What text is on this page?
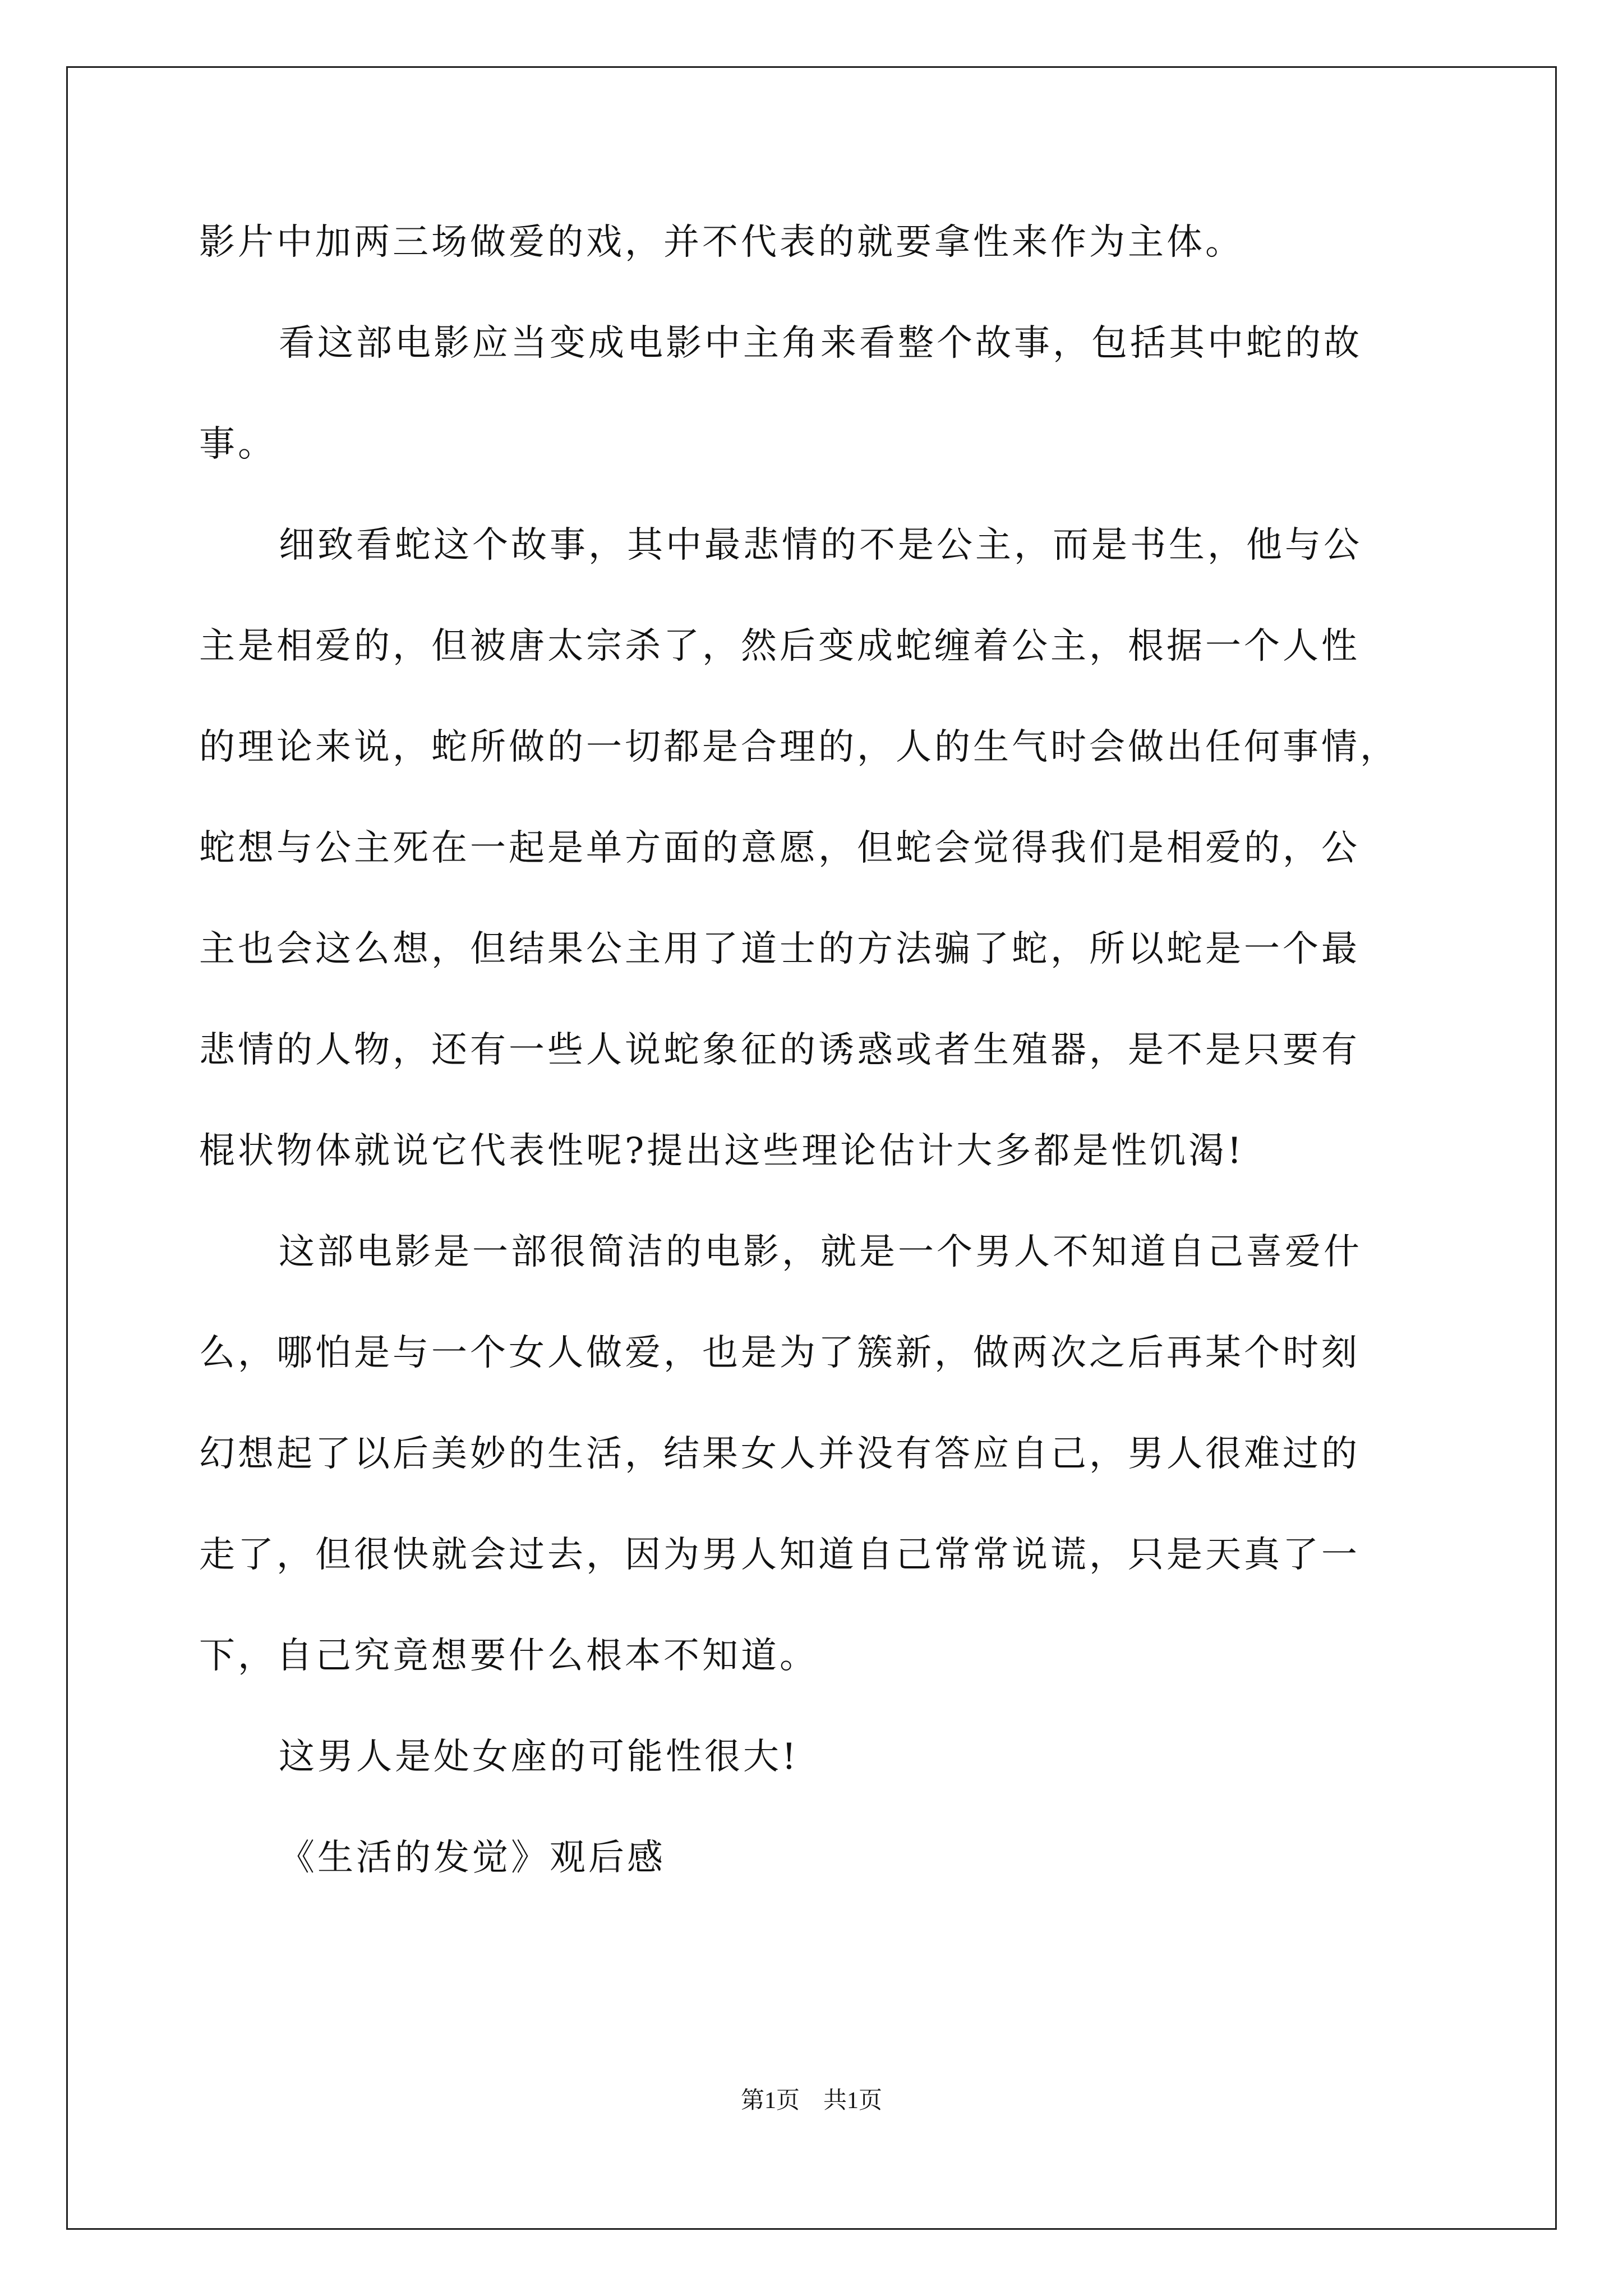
影片中加两三场做爱的戏，并不代表的就要拿性来作为主体。
看这部电影应当变成电影中主角来看整个故事，包括其中蛇的故
事。
细致看蛇这个故事，其中最悲情的不是公主，而是书生，他与公
主是相爱的，但被唐太宗杀了，然后变成蛇缠着公主，根据一个人性
的理论来说，蛇所做的一切都是合理的，人的生气时会做出任何事情，
蛇想与公主死在一起是单方面的意愿，但蛇会觉得我们是相爱的，公
主也会这么想，但结果公主用了道士的方法骗了蛇，所以蛇是一个最
悲情的人物，还有一些人说蛇象征的诱惑或者生殖器，是不是只要有
棍状物体就说它代表性呢?提出这些理论估计大多都是性饥渴!
这部电影是一部很简洁的电影，就是一个男人不知道自己喜爱什
么，哪怕是与一个女人做爱，也是为了簇新，做两次之后再某个时刻
幻想起了以后美妙的生活，结果女人并没有答应自己，男人很难过的
走了，但很快就会过去，因为男人知道自己常常说谎，只是天真了一
下，自己究竟想要什么根本不知道。
这男人是处女座的可能性很大!
《生活的发觉》观后感
第1页 共1页
